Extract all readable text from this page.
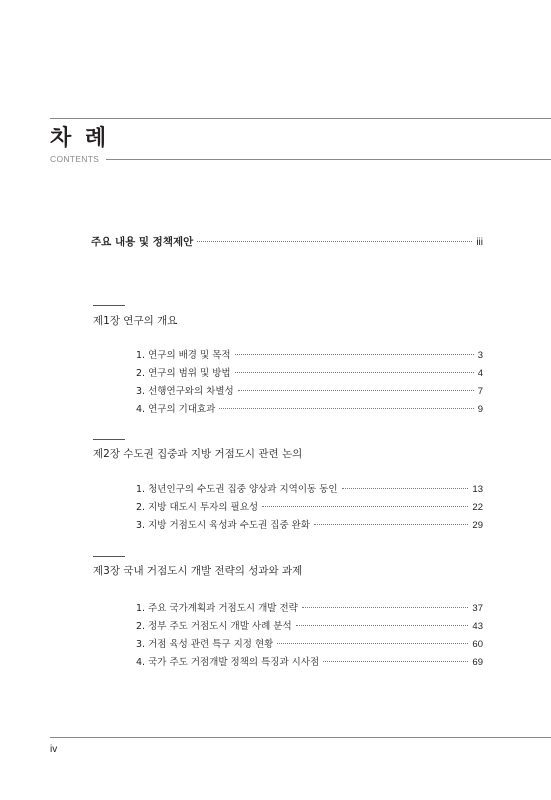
차 례
CONTENTS
주요 내용 및 정책제안	iii
제1장 연구의 개요
1. 연구의 배경 및 목적	3
2. 연구의 범위 및 방법	4
3. 선행연구와의 차별성	7
4. 연구의 기대효과	9
제2장 수도권 집중과 지방 거점도시 관련 논의
1. 청년인구의 수도권 집중 양상과 지역이동 동인	13
2. 지방 대도시 투자의 필요성	22
3. 지방 거점도시 육성과 수도권 집중 완화	29
제3장 국내 거점도시 개발 전략의 성과와 과제
1. 주요 국가계획과 거점도시 개발 전략	37
2. 정부 주도 거점도시 개발 사례 분석	43
3. 거점 육성 관련 특구 지정 현황	60
4. 국가 주도 거점개발 정책의 특징과 시사점	69
iv
